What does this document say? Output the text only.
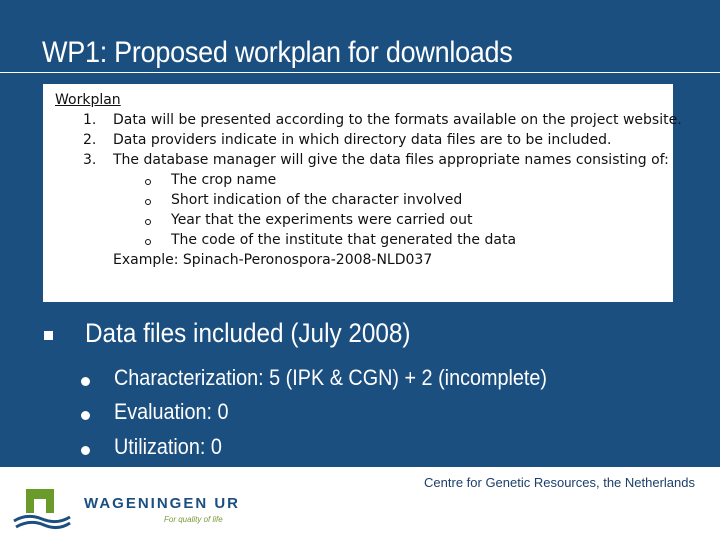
WP1: Proposed workplan for downloads
Workplan
1. Data will be presented according to the formats available on the project website.
2. Data providers indicate in which directory data files are to be included.
3. The database manager will give the data files appropriate names consisting of:
The crop name
Short indication of the character involved
Year that the experiments were carried out
The code of the institute that generated the data
Example: Spinach-Peronospora-2008-NLD037
Data files included (July 2008)
Characterization: 5 (IPK & CGN) + 2 (incomplete)
Evaluation: 0
Utilization: 0
Centre for Genetic Resources, the Netherlands
WAGENINGEN UR
For quality of life
